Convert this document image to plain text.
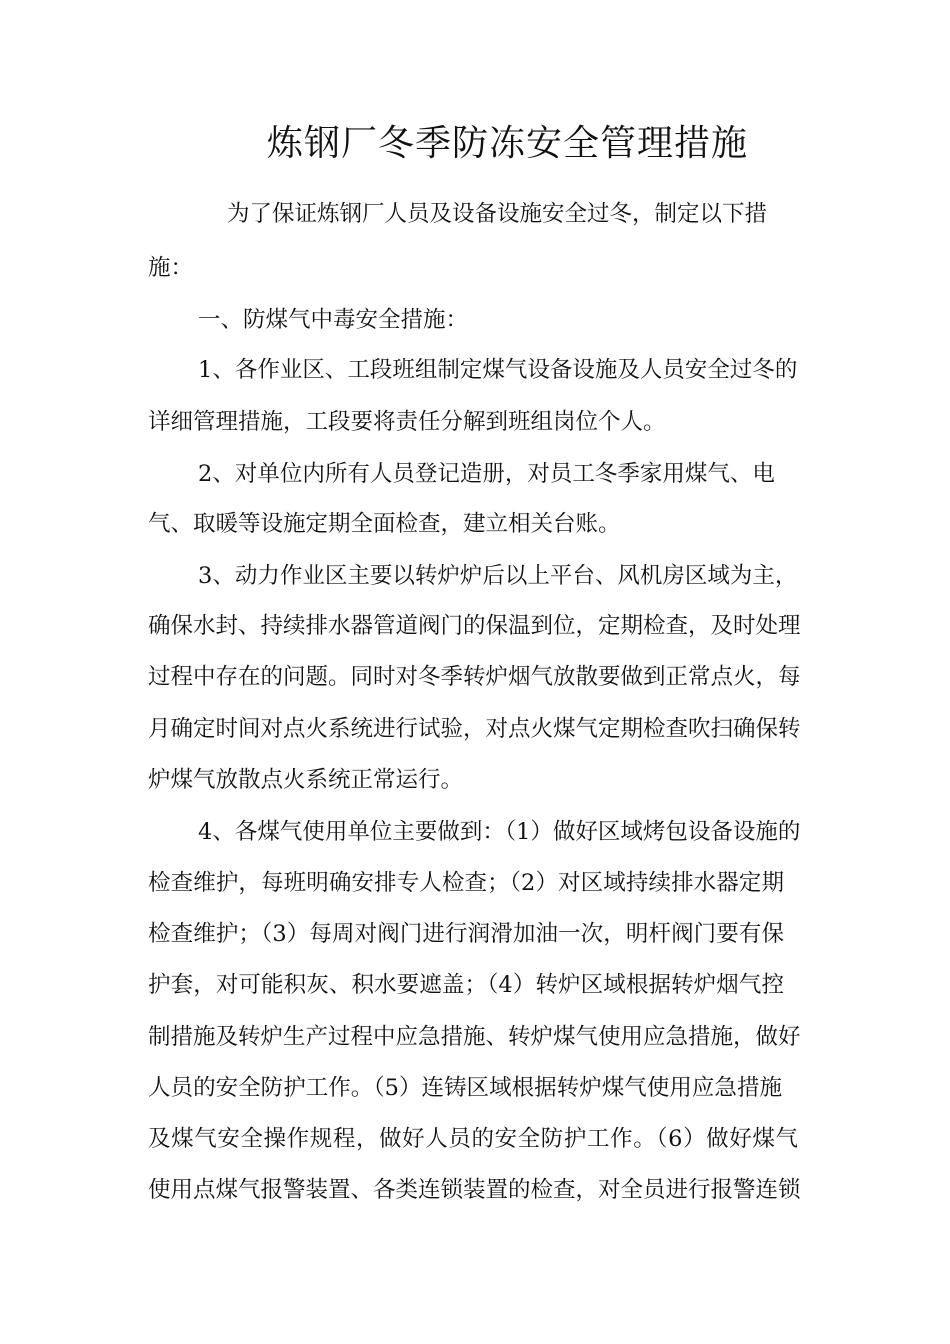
炼钢厂冬季防冻安全管理措施

为了保证炼钢厂人员及设备设施安全过冬，制定以下措

施：

一、防煤气中毒安全措施：

1、各作业区、工段班组制定煤气设备设施及人员安全过冬的

详细管理措施，工段要将责任分解到班组岗位个人。

2、对单位内所有人员登记造册，对员工冬季家用煤气、电

气、取暖等设施定期全面检查，建立相关台账。

3、动力作业区主要以转炉炉后以上平台、风机房区域为主，

确保水封、持续排水器管道阀门的保温到位，定期检查，及时处理

过程中存在的问题。同时对冬季转炉烟气放散要做到正常点火，每

月确定时间对点火系统进行试验，对点火煤气定期检查吹扫确保转

炉煤气放散点火系统正常运行。

4、各煤气使用单位主要做到：（1）做好区域烤包设备设施的

检查维护，每班明确安排专人检查；（2）对区域持续排水器定期

检查维护；（3）每周对阀门进行润滑加油一次，明杆阀门要有保

护套，对可能积灰、积水要遮盖；（4）转炉区域根据转炉烟气控

制措施及转炉生产过程中应急措施、转炉煤气使用应急措施，做好

人员的安全防护工作。（5）连铸区域根据转炉煤气使用应急措施

及煤气安全操作规程，做好人员的安全防护工作。（6）做好煤气

使用点煤气报警装置、各类连锁装置的检查，对全员进行报警连锁
